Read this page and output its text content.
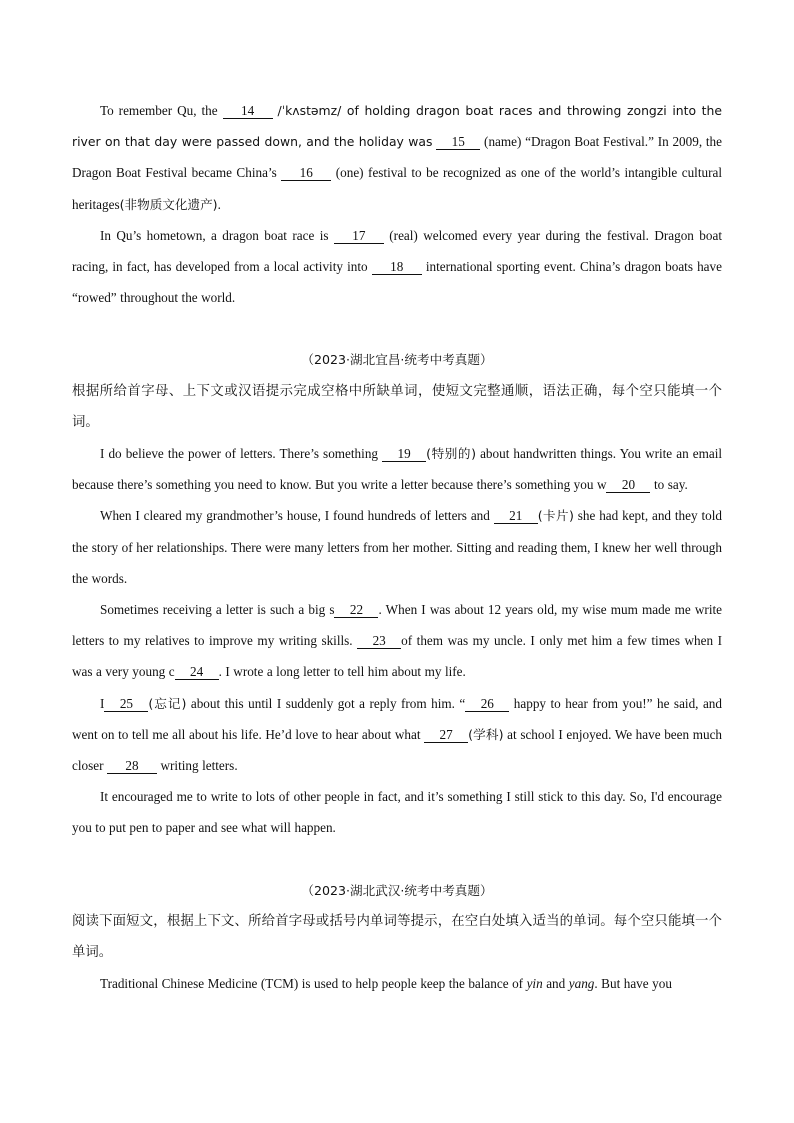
To remember Qu, the 14 /ˈkʌstəmz/ of holding dragon boat races and throwing zongzi into the river on that day were passed down, and the holiday was 15 (name) “Dragon Boat Festival.” In 2009, the Dragon Boat Festival became China’s 16 (one) festival to be recognized as one of the world’s intangible cultural heritages(非物质文化遗产).

In Qu’s hometown, a dragon boat race is 17 (real) welcomed every year during the festival. Dragon boat racing, in fact, has developed from a local activity into 18 international sporting event. China’s dragon boats have “rowed” throughout the world.

（2023·湖北宜昌·统考中考真题）

根据所给首字母、上下文或汉语提示完成空格中所缺单词，使短文完整通顺，语法正确，每个空只能填一个词。

I do believe the power of letters. There’s something 19 (特别的) about handwritten things. You write an email because there’s something you need to know. But you write a letter because there’s something you w 20 to say.

When I cleared my grandmother’s house, I found hundreds of letters and 21 (卡片) she had kept, and they told the story of her relationships. There were many letters from her mother. Sitting and reading them, I knew her well through the words.

Sometimes receiving a letter is such a big s 22 . When I was about 12 years old, my wise mum made me write letters to my relatives to improve my writing skills. 23 of them was my uncle. I only met him a few times when I was a very young c 24 . I wrote a long letter to tell him about my life.

I 25 (忘记) about this until I suddenly got a reply from him. “ 26 happy to hear from you!” he said, and went on to tell me all about his life. He’d love to hear about what 27 (学科) at school I enjoyed. We have been much closer 28 writing letters.

It encouraged me to write to lots of other people in fact, and it’s something I still stick to this day. So, I'd encourage you to put pen to paper and see what will happen.

（2023·湖北武汉·统考中考真题）

阅读下面短文，根据上下文、所给首字母或括号内单词等提示，在空白处填入适当的单词。每个空只能填一个单词。

Traditional Chinese Medicine (TCM) is used to help people keep the balance of yin and yang. But have you
